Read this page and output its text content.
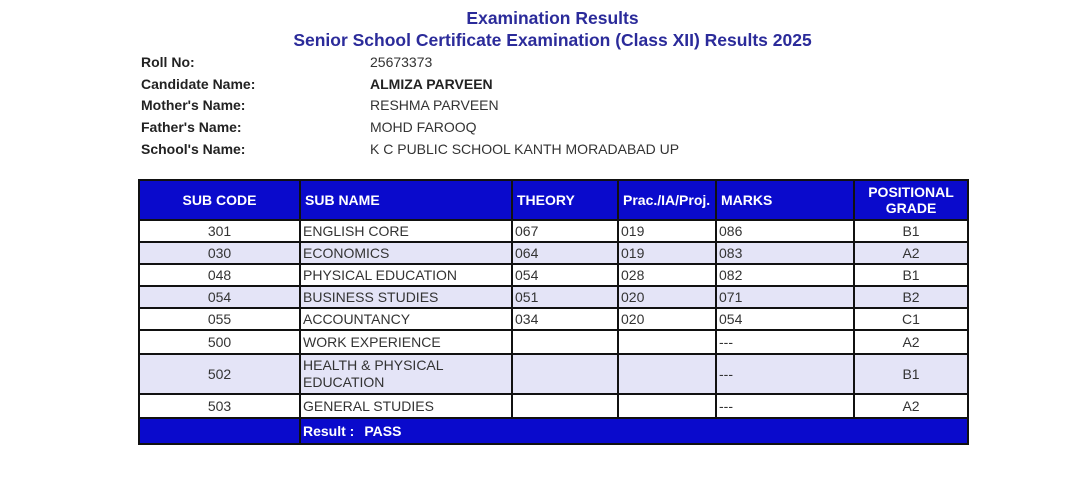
Examination Results
Senior School Certificate Examination (Class XII) Results 2025
Roll No:	25673373
Candidate Name:	ALMIZA PARVEEN
Mother's Name:	RESHMA PARVEEN
Father's Name:	MOHD FAROOQ
School's Name:	K C PUBLIC SCHOOL KANTH MORADABAD UP
SUB CODE	SUB NAME	THEORY	Prac./IA/Proj.	MARKS	POSITIONAL GRADE
301	ENGLISH CORE	067	019	086	B1
030	ECONOMICS	064	019	083	A2
048	PHYSICAL EDUCATION	054	028	082	B1
054	BUSINESS STUDIES	051	020	071	B2
055	ACCOUNTANCY	034	020	054	C1
500	WORK EXPERIENCE			---	A2
502	HEALTH & PHYSICAL EDUCATION			---	B1
503	GENERAL STUDIES			---	A2
	Result : PASS				
